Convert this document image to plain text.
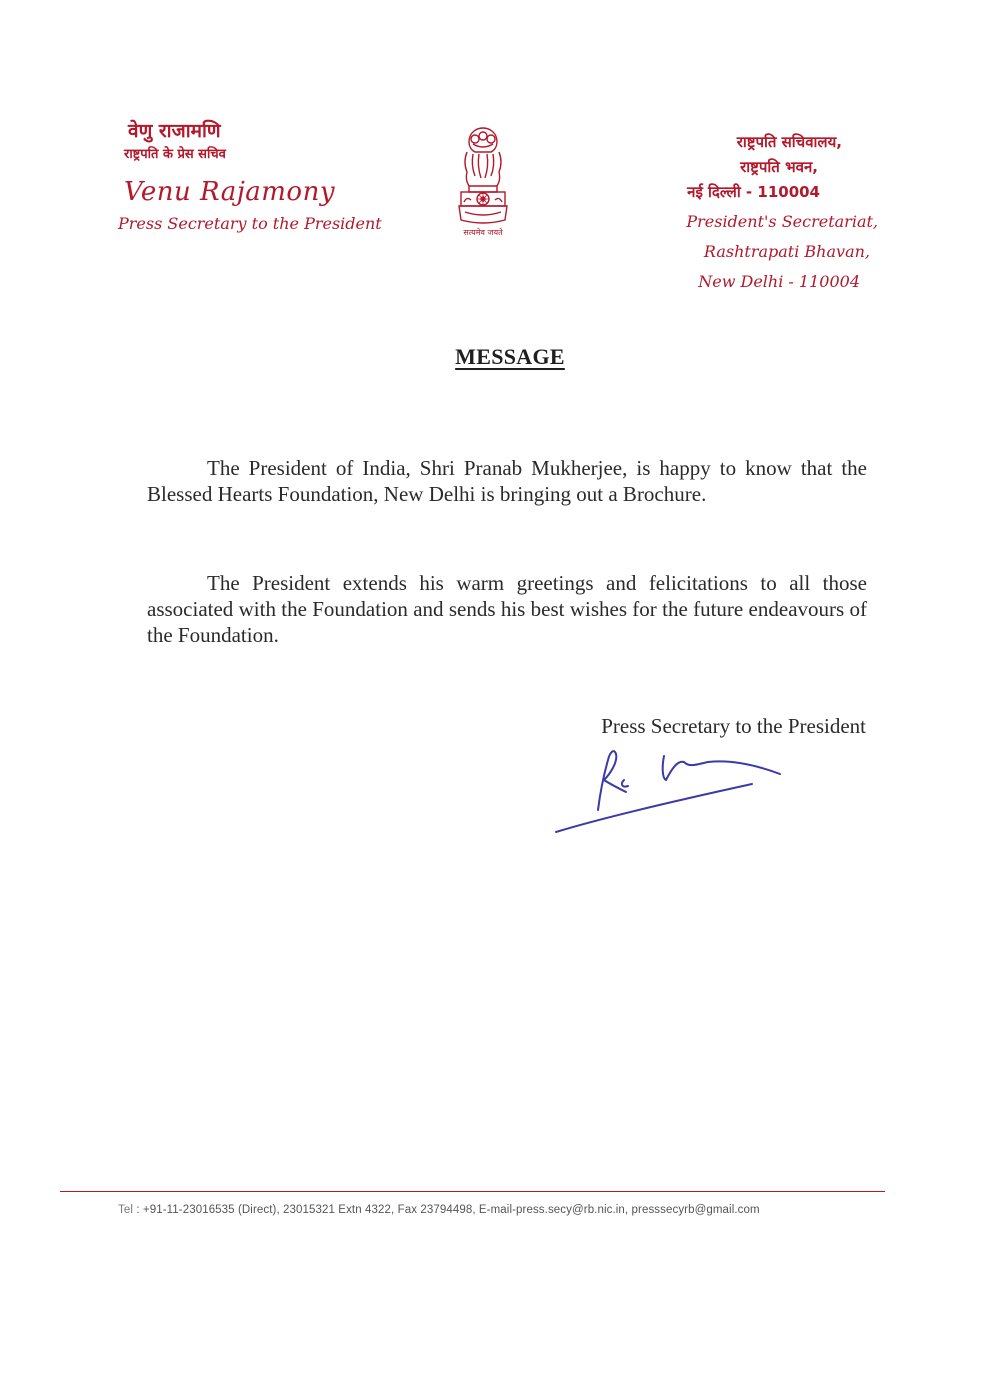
वेणु राजामणि
राष्ट्रपति के प्रेस सचिव
Venu Rajamony
Press Secretary to the President	सत्यमेव जयते
राष्ट्रपति सचिवालय,
राष्ट्रपति भवन,
नई दिल्ली - 110004
President's Secretariat,
Rashtrapati Bhavan,
New Delhi - 110004
MESSAGE

The President of India, Shri Pranab Mukherjee, is happy to know that the Blessed Hearts Foundation, New Delhi is bringing out a Brochure.

The President extends his warm greetings and felicitations to all those associated with the Foundation and sends his best wishes for the future endeavours of the Foundation.

Press Secretary to the President
Tel : +91-11-23016535 (Direct), 23015321 Extn 4322, Fax 23794498, E-mail-press.secy@rb.nic.in, presssecyrb@gmail.com
